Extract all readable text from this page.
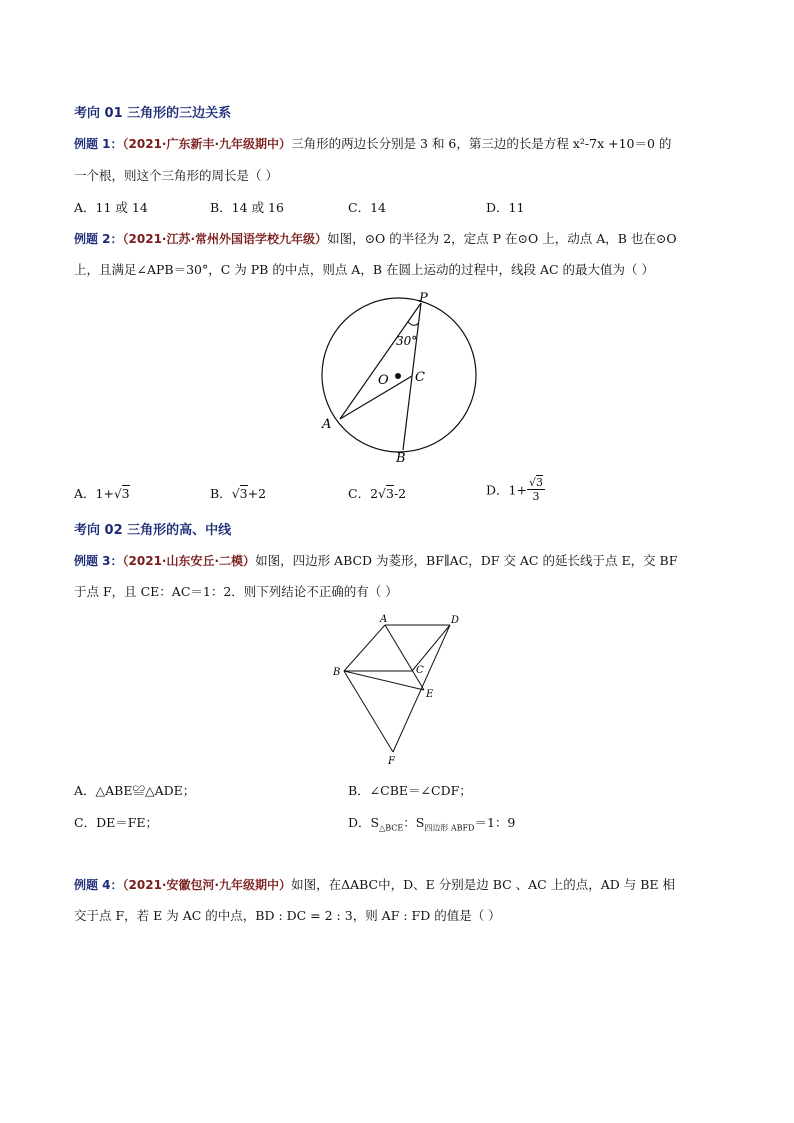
考向 01 三角形的三边关系
例题 1：（2021·广东新丰·九年级期中）三角形的两边长分别是 3 和 6，第三边的长是方程 x²-7x +10＝0 的
一个根，则这个三角形的周长是（ ）
A．11 或 14	B．14 或 16	C．14	D．11
例题 2：（2021·江苏·常州外国语学校九年级）如图，⊙O 的半径为 2，定点 P 在⊙O 上，动点 A，B 也在⊙O
上，且满足∠APB＝30°，C 为 PB 的中点，则点 A，B 在圆上运动的过程中，线段 AC 的最大值为（ ）
P
O C
A
B
30°
A．1+√3	B．√3+2	C．2√3-2	D．$1+ \frac{√3}{3}$
考向 02 三角形的高、中线
例题 3：（2021·山东安丘·二模）如图，四边形 ABCD 为菱形，BF∥AC，DF 交 AC 的延长线于点 E，交 BF
于点 F，且 CE：AC＝1：2．则下列结论不正确的有（ ）
A	D
B	C
E
F
A．△ABE≌△ADE；	B．∠CBE＝∠CDF；
C．DE＝FE；	D．$S_{\triangle BCE}$：$S_{四边形 ABFD}=1$：9
例题 4：（2021·安徽包河·九年级期中）如图，在ΔABC中，D、E 分别是边 BC 、AC 上的点，AD 与 BE 相
交于点 F，若 E 为 AC 的中点，BD : DC = 2 : 3，则 AF : FD 的值是（ ）
